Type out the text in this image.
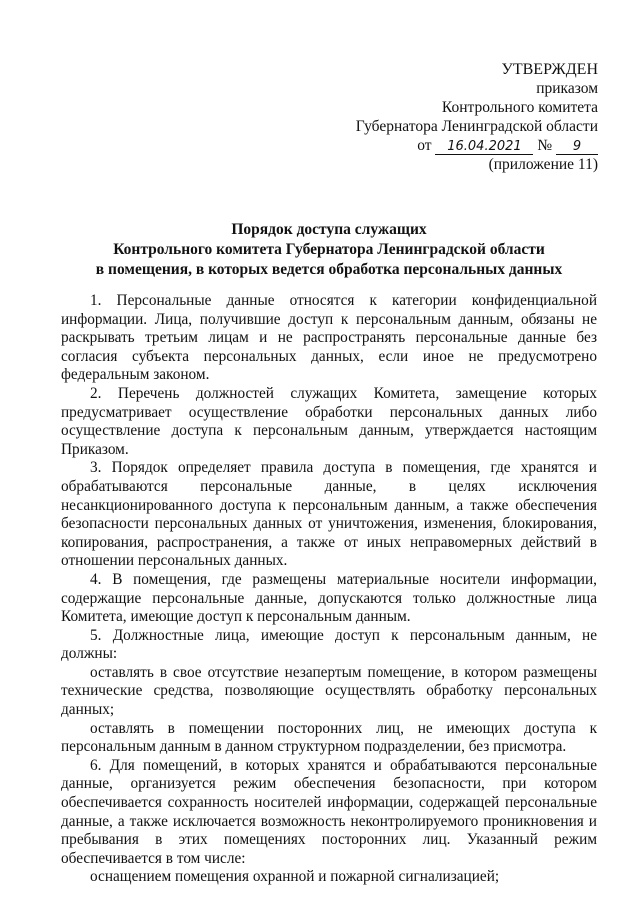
УТВЕРЖДЕН
приказом
Контрольного комитета
Губернатора Ленинградской области
от 16.04.2021 № 9
(приложение 11)
Порядок доступа служащих
Контрольного комитета Губернатора Ленинградской области
в помещения, в которых ведется обработка персональных данных

1. Персональные данные относятся к категории конфиденциальной информации. Лица, получившие доступ к персональным данным, обязаны не раскрывать третьим лицам и не распространять персональные данные без согласия субъекта персональных данных, если иное не предусмотрено федеральным законом.

2. Перечень должностей служащих Комитета, замещение которых предусматривает осуществление обработки персональных данных либо осуществление доступа к персональным данным, утверждается настоящим Приказом.

3. Порядок определяет правила доступа в помещения, где хранятся и обрабатываются персональные данные, в целях исключения несанкционированного доступа к персональным данным, а также обеспечения безопасности персональных данных от уничтожения, изменения, блокирования, копирования, распространения, а также от иных неправомерных действий в отношении персональных данных.

4. В помещения, где размещены материальные носители информации, содержащие персональные данные, допускаются только должностные лица Комитета, имеющие доступ к персональным данным.

5. Должностные лица, имеющие доступ к персональным данным, не должны:

оставлять в свое отсутствие незапертым помещение, в котором размещены технические средства, позволяющие осуществлять обработку персональных данных;

оставлять в помещении посторонних лиц, не имеющих доступа к персональным данным в данном структурном подразделении, без присмотра.

6. Для помещений, в которых хранятся и обрабатываются персональные данные, организуется режим обеспечения безопасности, при котором обеспечивается сохранность носителей информации, содержащей персональные данные, а также исключается возможность неконтролируемого проникновения и пребывания в этих помещениях посторонних лиц. Указанный режим обеспечивается в том числе:

оснащением помещения охранной и пожарной сигнализацией;
